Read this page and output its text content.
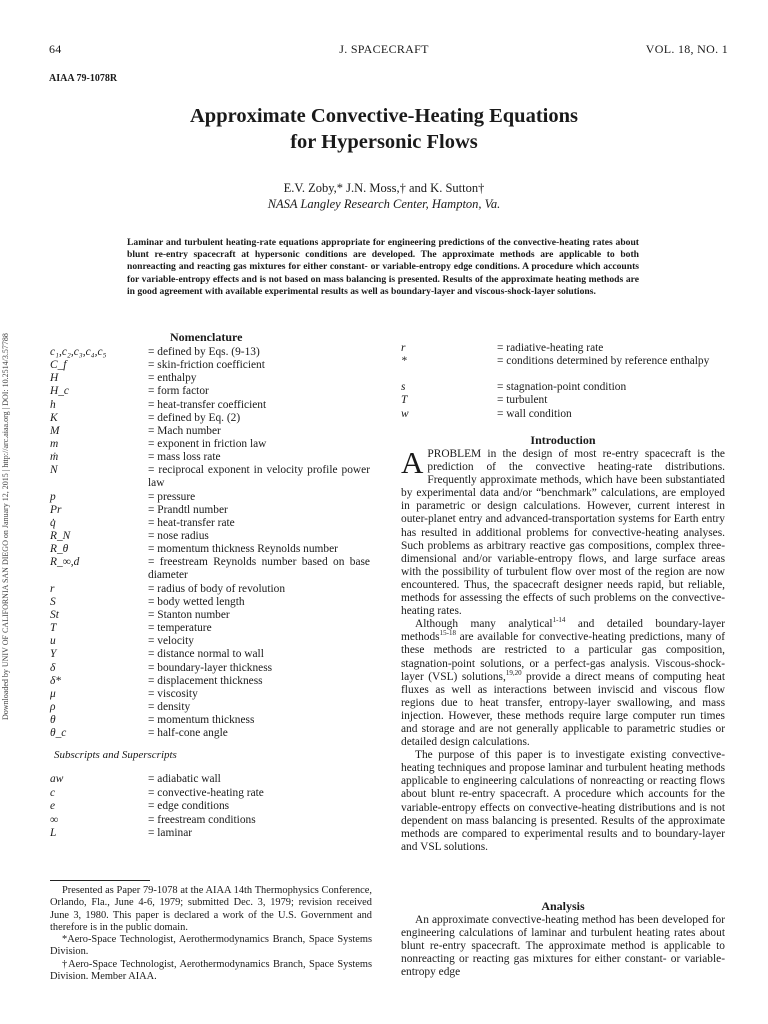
64	J. SPACECRAFT	VOL. 18, NO. 1
AIAA 79-1078R
Approximate Convective-Heating Equations
for Hypersonic Flows
E.V. Zoby,* J.N. Moss,† and K. Sutton†
NASA Langley Research Center, Hampton, Va.
Laminar and turbulent heating-rate equations appropriate for engineering predictions of the convective-heating rates about blunt re-entry spacecraft at hypersonic conditions are developed. The approximate methods are applicable to both nonreacting and reacting gas mixtures for either constant- or variable-entropy edge conditions. A procedure which accounts for variable-entropy effects and is not based on mass balancing is presented. Results of the approximate heating methods are in good agreement with available experimental results as well as boundary-layer and viscous-shock-layer solutions.
Downloaded by UNIV OF CALIFORNIA SAN DIEGO on January 12, 2015 | http://arc.aiaa.org | DOI: 10.2514/3.57788	Nomenclature
c₁,c₂,c₃,c₄,c₅	= defined by Eqs. (9-13)
C_f	= skin-friction coefficient
H	= enthalpy
H_c	= form factor
h	= heat-transfer coefficient
K	= defined by Eq. (2)
M	= Mach number
m	= exponent in friction law
ṁ	= mass loss rate
N	= reciprocal exponent in velocity profile power law
p	= pressure
Pr	= Prandtl number
q̇	= heat-transfer rate
R_N	= nose radius
R_θ	= momentum thickness Reynolds number
R_∞,d	= freestream Reynolds number based on base diameter
r	= radius of body of revolution
S	= body wetted length
St	= Stanton number
T	= temperature
u	= velocity
Y	= distance normal to wall
δ	= boundary-layer thickness
δ*	= displacement thickness
μ	= viscosity
ρ	= density
θ	= momentum thickness
θ_c	= half-cone angle
Subscripts and Superscripts
aw	= adiabatic wall
c	= convective-heating rate
e	= edge conditions
∞	= freestream conditions
L	= laminar
r	= radiative-heating rate
*	= conditions determined by reference enthalpy
s	= stagnation-point condition
T	= turbulent
w	= wall condition

Presented as Paper 79-1078 at the AIAA 14th Thermophysics Conference, Orlando, Fla., June 4-6, 1979; submitted Dec. 3, 1979; revision received June 3, 1980. This paper is declared a work of the U.S. Government and therefore is in the public domain.

*Aero-Space Technologist, Aerothermodynamics Branch, Space Systems Division.

†Aero-Space Technologist, Aerothermodynamics Branch, Space Systems Division. Member AIAA.

Introduction

APROBLEM in the design of most re-entry spacecraft is the prediction of the convective heating-rate distributions. Frequently approximate methods, which have been substantiated by experimental data and/or “benchmark” calculations, are employed in parametric or design calculations. However, current interest in outer-planet entry and advanced-transportation systems for Earth entry has resulted in additional problems for convective-heating analyses. Such problems as arbitrary reactive gas compositions, complex three-dimensional and/or variable-entropy flows, and large surface areas with the possibility of turbulent flow over most of the region are now encountered. Thus, the spacecraft designer needs rapid, but reliable, methods for assessing the effects of such problems on the convective-heating rates.

Although many analytical$^{1-14}$ and detailed boundary-layer methods$^{15-18}$ are available for convective-heating predictions, many of these methods are restricted to a particular gas composition, stagnation-point solutions, or a perfect-gas analysis. Viscous-shock-layer (VSL) solutions,$^{19,20}$ provide a direct means of computing heat fluxes as well as interactions between inviscid and viscous flow regions due to heat transfer, entropy-layer swallowing, and mass injection. However, these methods require large computer run times and storage and are not generally applicable to parametric studies or detailed design calculations.

The purpose of this paper is to investigate existing convective-heating techniques and propose laminar and turbulent heating methods applicable to engineering calculations of nonreacting or reacting flows about blunt re-entry spacecraft. A procedure which accounts for the variable-entropy effects on convective-heating distributions and is not dependent on mass balancing is presented. Results of the approximate methods are compared to experimental results and to boundary-layer and VSL solutions.

Analysis

An approximate convective-heating method has been developed for engineering calculations of laminar and turbulent heating rates about blunt re-entry spacecraft. The approximate method is applicable to nonreacting or reacting gas mixtures for either constant- or variable-entropy edge
